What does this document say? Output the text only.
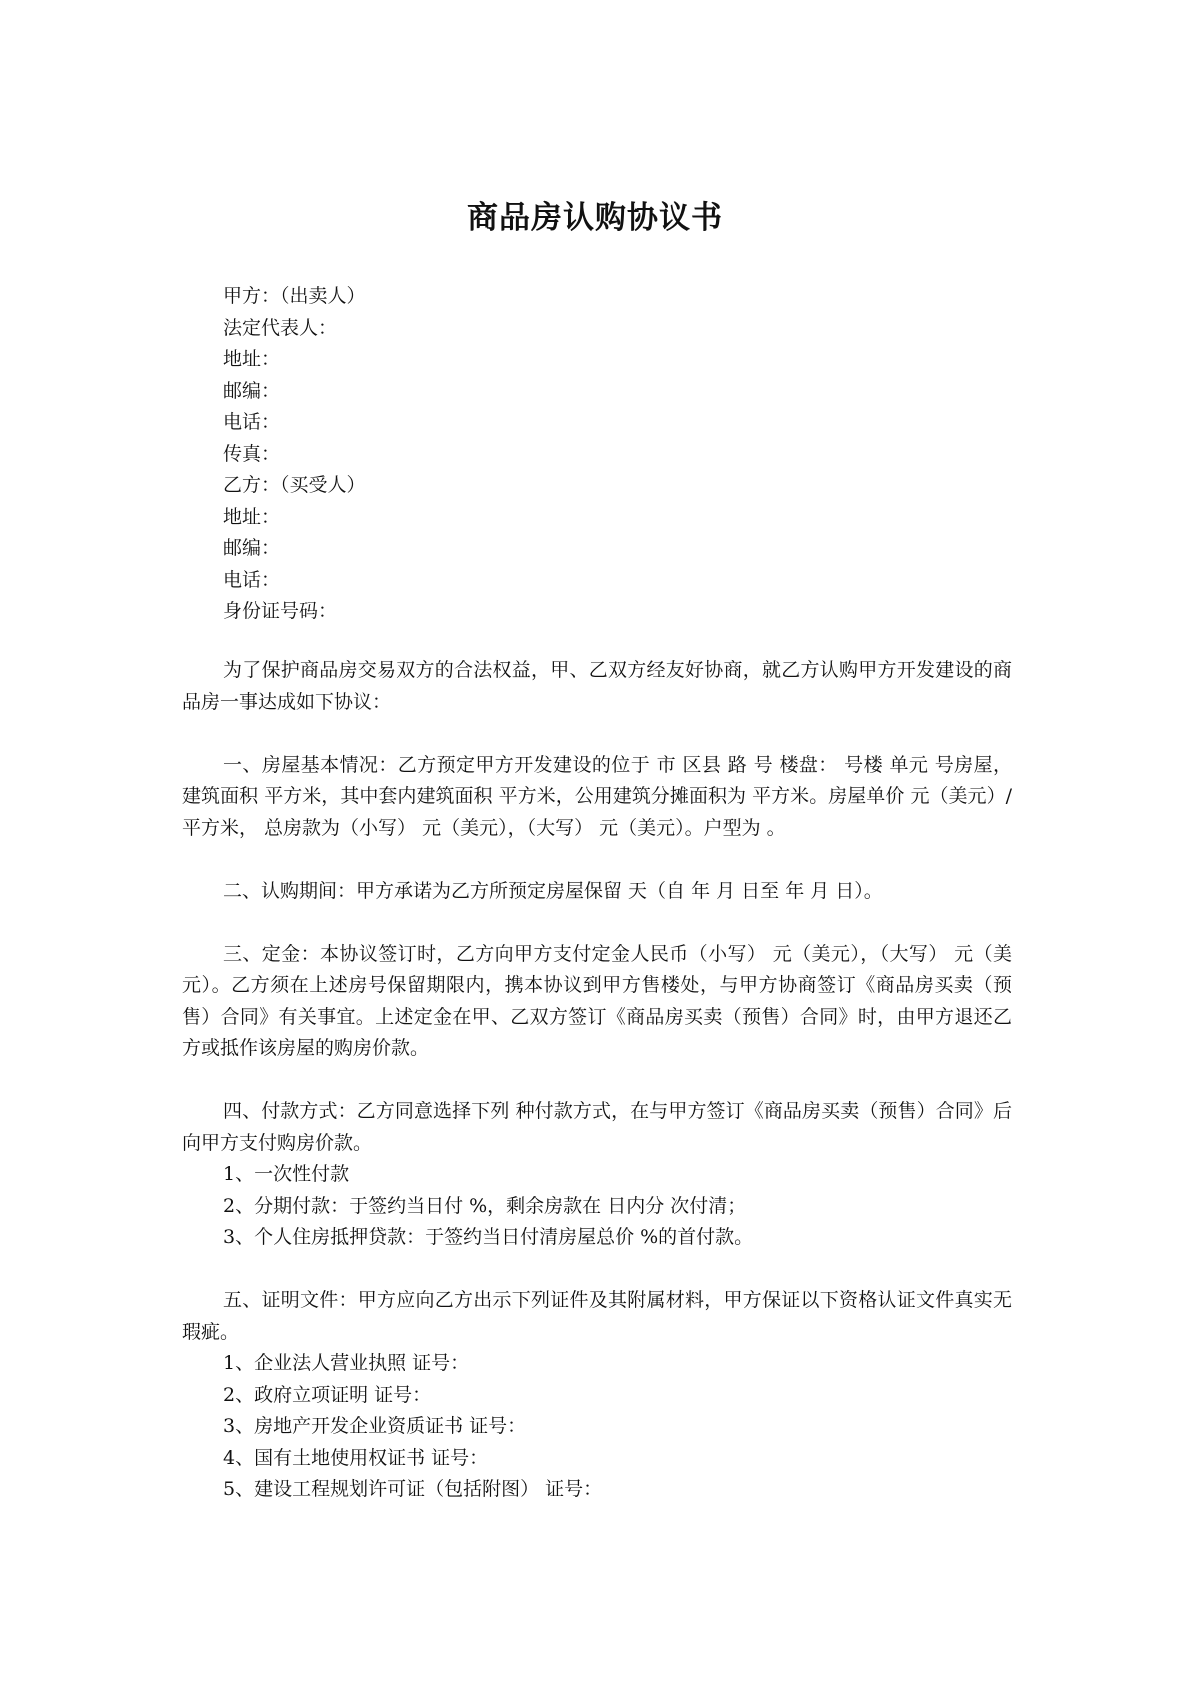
商品房认购协议书
甲方：（出卖人）
法定代表人：
地址：
邮编：
电话：
传真：
乙方：（买受人）
地址：
邮编：
电话：
身份证号码：

为了保护商品房交易双方的合法权益，甲、乙双方经友好协商，就乙方认购甲方开发建设的商品房一事达成如下协议：

一、房屋基本情况：乙方预定甲方开发建设的位于 市 区县 路 号 楼盘： 号楼 单元 号房屋，建筑面积 平方米，其中套内建筑面积 平方米，公用建筑分摊面积为 平方米。房屋单价 元（美元）/平方米， 总房款为（小写） 元（美元），（大写） 元（美元）。户型为 。

二、认购期间：甲方承诺为乙方所预定房屋保留 天（自 年 月 日至 年 月 日）。

三、定金：本协议签订时，乙方向甲方支付定金人民币（小写） 元（美元），（大写） 元（美元）。乙方须在上述房号保留期限内，携本协议到甲方售楼处，与甲方协商签订《商品房买卖（预售）合同》有关事宜。上述定金在甲、乙双方签订《商品房买卖（预售）合同》时，由甲方退还乙方或抵作该房屋的购房价款。

四、付款方式：乙方同意选择下列 种付款方式，在与甲方签订《商品房买卖（预售）合同》后向甲方支付购房价款。

1、一次性付款
2、分期付款：于签约当日付 %，剩余房款在 日内分 次付清；
3、个人住房抵押贷款：于签约当日付清房屋总价 %的首付款。

五、证明文件：甲方应向乙方出示下列证件及其附属材料，甲方保证以下资格认证文件真实无瑕疵。

1、企业法人营业执照 证号：
2、政府立项证明 证号：
3、房地产开发企业资质证书 证号：
4、国有土地使用权证书 证号：
5、建设工程规划许可证（包括附图） 证号：
